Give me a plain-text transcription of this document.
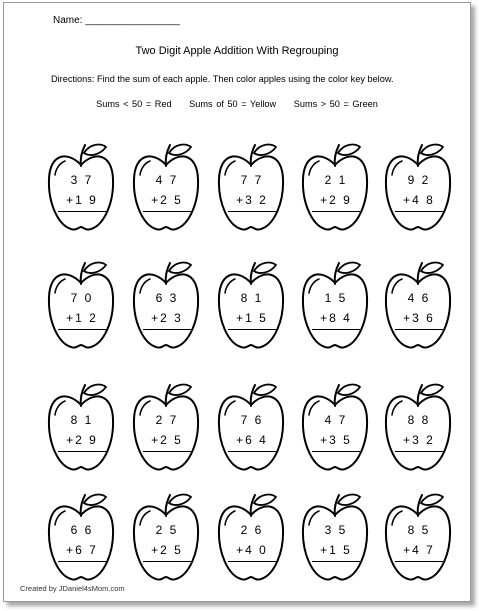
Name: _________________
Two Digit Apple Addition With Regrouping
Directions: Find the sum of each apple. Then color apples using the color key below.
Sums < 50 = Red Sums of 50 = Yellow Sums > 50 = Green
3 7
+1 9
4 7
+2 5
7 7
+3 2
2 1
+2 9
9 2
+4 8
7 0
+1 2
6 3
+2 3
8 1
+1 5
1 5
+8 4
4 6
+3 6
8 1
+2 9
2 7
+2 5
7 6
+6 4
4 7
+3 5
8 8
+3 2
6 6
+6 7
2 5
+2 5
2 6
+4 0
3 5
+1 5
8 5
+4 7
Created by JDaniel4sMom.com
